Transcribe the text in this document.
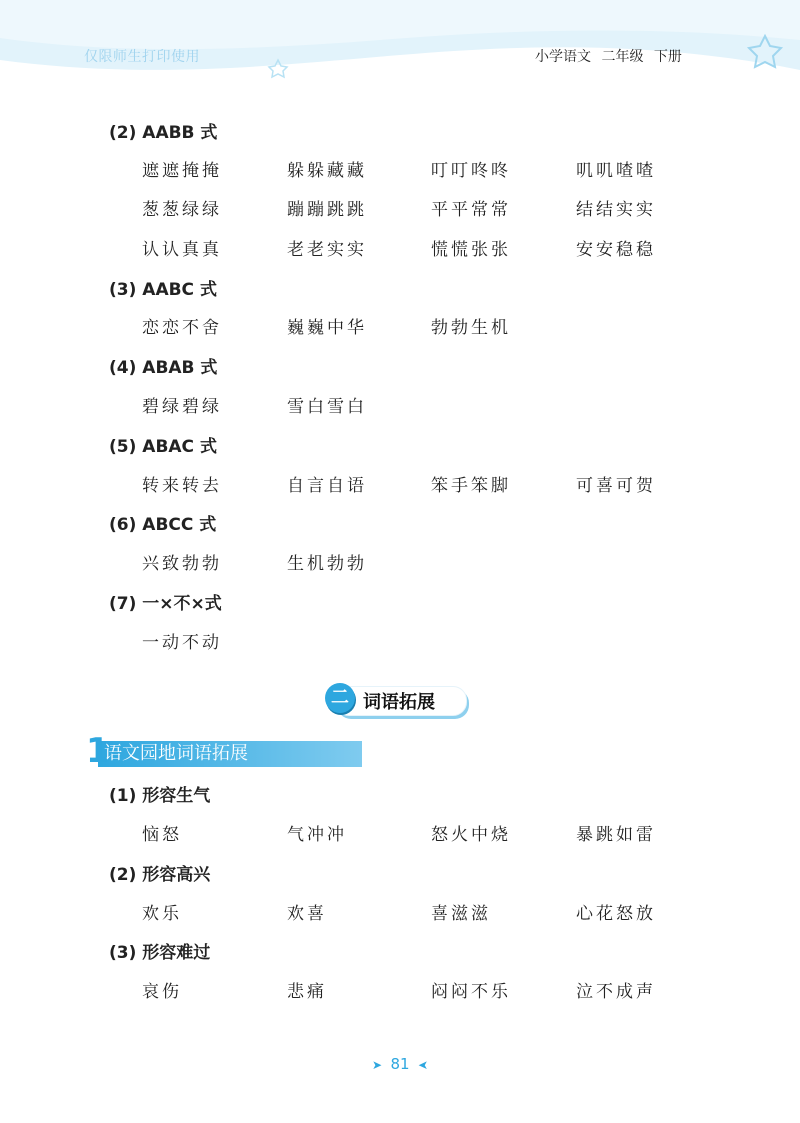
仅限师生打印使用	小学语文 二年级 下册
(2) AABB 式
遮遮掩掩	躲躲藏藏	叮叮咚咚	叽叽喳喳
葱葱绿绿	蹦蹦跳跳	平平常常	结结实实
认认真真	老老实实	慌慌张张	安安稳稳
(3) AABC 式
恋恋不舍	巍巍中华	勃勃生机
(4) ABAB 式
碧绿碧绿	雪白雪白
(5) ABAC 式
转来转去	自言自语	笨手笨脚	可喜可贺
(6) ABCC 式
兴致勃勃	生机勃勃
(7) 一×不×式
一动不动
二 词语拓展
1
语文园地词语拓展
(1) 形容生气
恼怒	气冲冲	怒火中烧	暴跳如雷
(2) 形容高兴
欢乐	欢喜	喜滋滋	心花怒放
(3) 形容难过
哀伤	悲痛	闷闷不乐	泣不成声
➤ 81 ➤
